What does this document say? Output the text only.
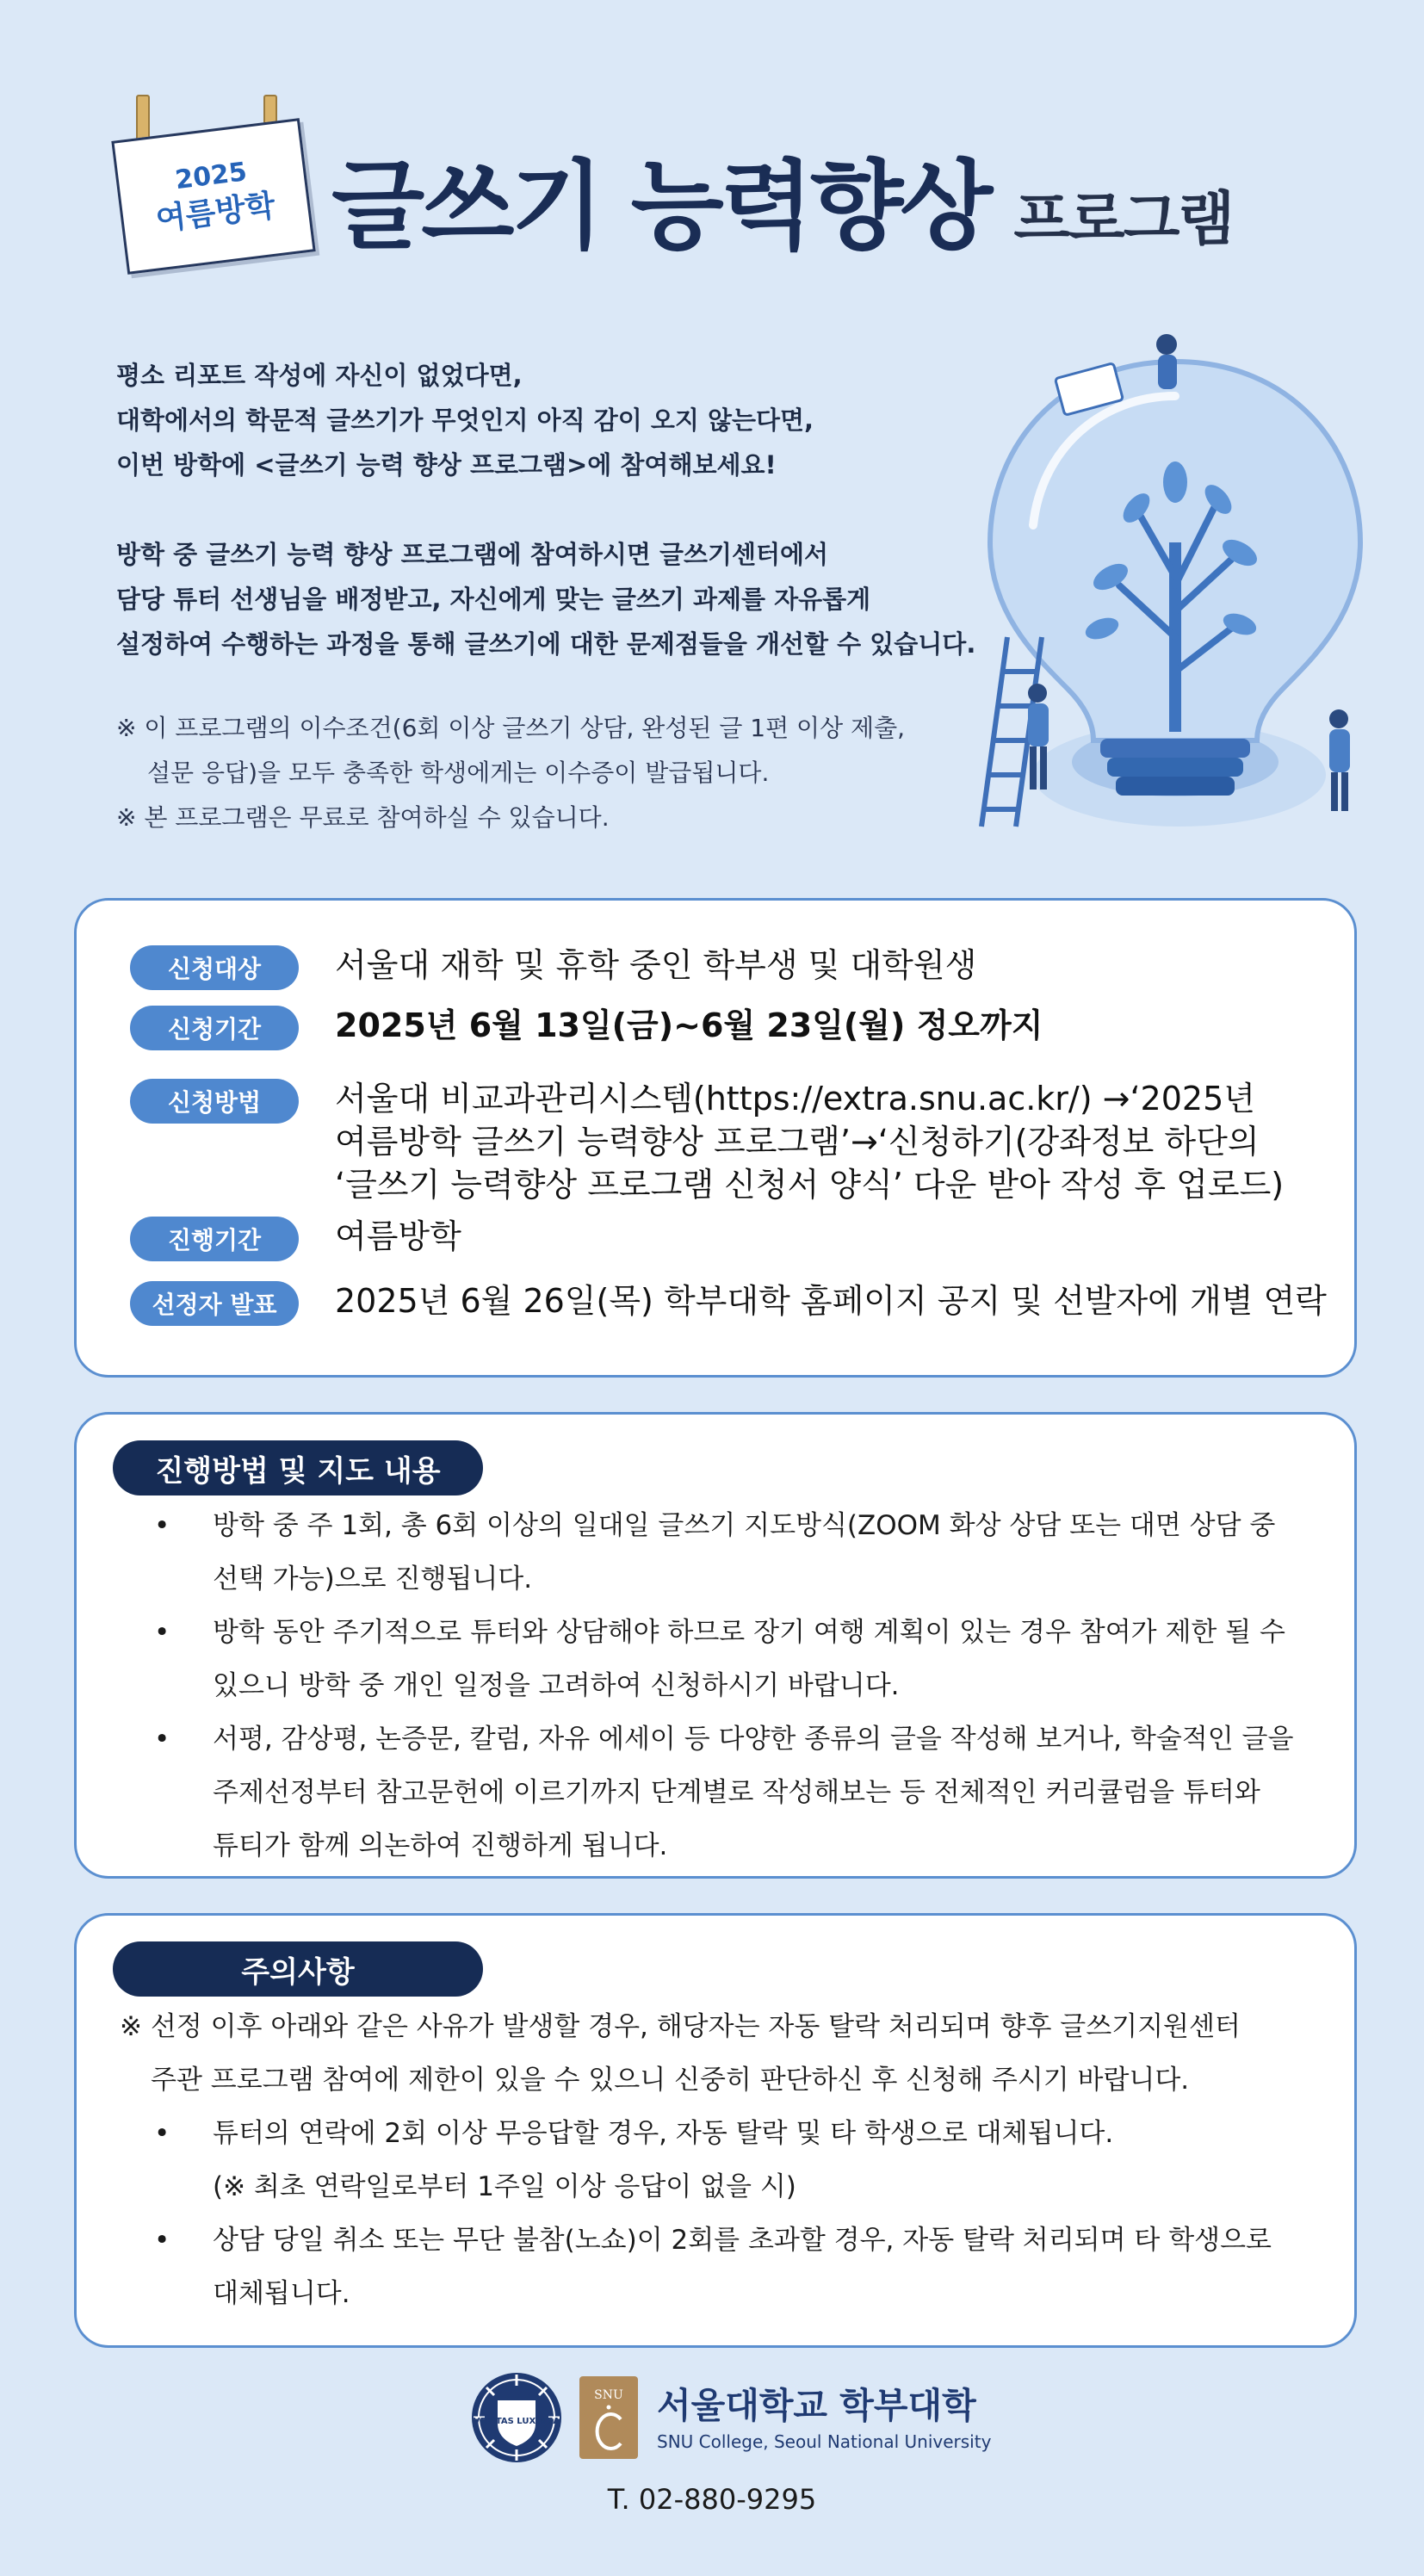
2025
여름방학 글쓰기 능력향상 프로그램

평소 리포트 작성에 자신이 없었다면,

대학에서의 학문적 글쓰기가 무엇인지 아직 감이 오지 않는다면,

이번 방학에 <글쓰기 능력 향상 프로그램>에 참여해보세요!

방학 중 글쓰기 능력 향상 프로그램에 참여하시면 글쓰기센터에서

담당 튜터 선생님을 배정받고, 자신에게 맞는 글쓰기 과제를 자유롭게

설정하여 수행하는 과정을 통해 글쓰기에 대한 문제점들을 개선할 수 있습니다.

※ 이 프로그램의 이수조건(6회 이상 글쓰기 상담, 완성된 글 1편 이상 제출,

설문 응답)을 모두 충족한 학생에게는 이수증이 발급됩니다.

※ 본 프로그램은 무료로 참여하실 수 있습니다.

신청대상	서울대 재학 및 휴학 중인 학부생 및 대학원생
신청기간	2025년 6월 13일(금)~6월 23일(월) 정오까지
신청방법	서울대 비교과관리시스템(https://extra.snu.ac.kr/) →‘2025년
여름방학 글쓰기 능력향상 프로그램’→‘신청하기(강좌정보 하단의
‘글쓰기 능력향상 프로그램 신청서 양식’ 다운 받아 작성 후 업로드)
진행기간	여름방학
선정자 발표	2025년 6월 26일(목) 학부대학 홈페이지 공지 및 선발자에 개별 연락
진행방법 및 지도 내용
• 방학 중 주 1회, 총 6회 이상의 일대일 글쓰기 지도방식(ZOOM 화상 상담 또는 대면 상담 중
선택 가능)으로 진행됩니다.
• 방학 동안 주기적으로 튜터와 상담해야 하므로 장기 여행 계획이 있는 경우 참여가 제한 될 수
있으니 방학 중 개인 일정을 고려하여 신청하시기 바랍니다.
• 서평, 감상평, 논증문, 칼럼, 자유 에세이 등 다양한 종류의 글을 작성해 보거나, 학술적인 글을
주제선정부터 참고문헌에 이르기까지 단계별로 작성해보는 등 전체적인 커리큘럼을 튜터와
튜티가 함께 의논하여 진행하게 됩니다.
주의사항
※ 선정 이후 아래와 같은 사유가 발생할 경우, 해당자는 자동 탈락 처리되며 향후 글쓰기지원센터
주관 프로그램 참여에 제한이 있을 수 있으니 신중히 판단하신 후 신청해 주시기 바랍니다.
• 튜터의 연락에 2회 이상 무응답할 경우, 자동 탈락 및 타 학생으로 대체됩니다.
(※ 최초 연락일로부터 1주일 이상 응답이 없을 시)
• 상담 당일 취소 또는 무단 불참(노쇼)이 2회를 초과할 경우, 자동 탈락 처리되며 타 학생으로
대체됩니다.
VERITAS LUX MEA
SNU 서울대학교 학부대학
SNU College, Seoul National University
T. 02-880-9295
